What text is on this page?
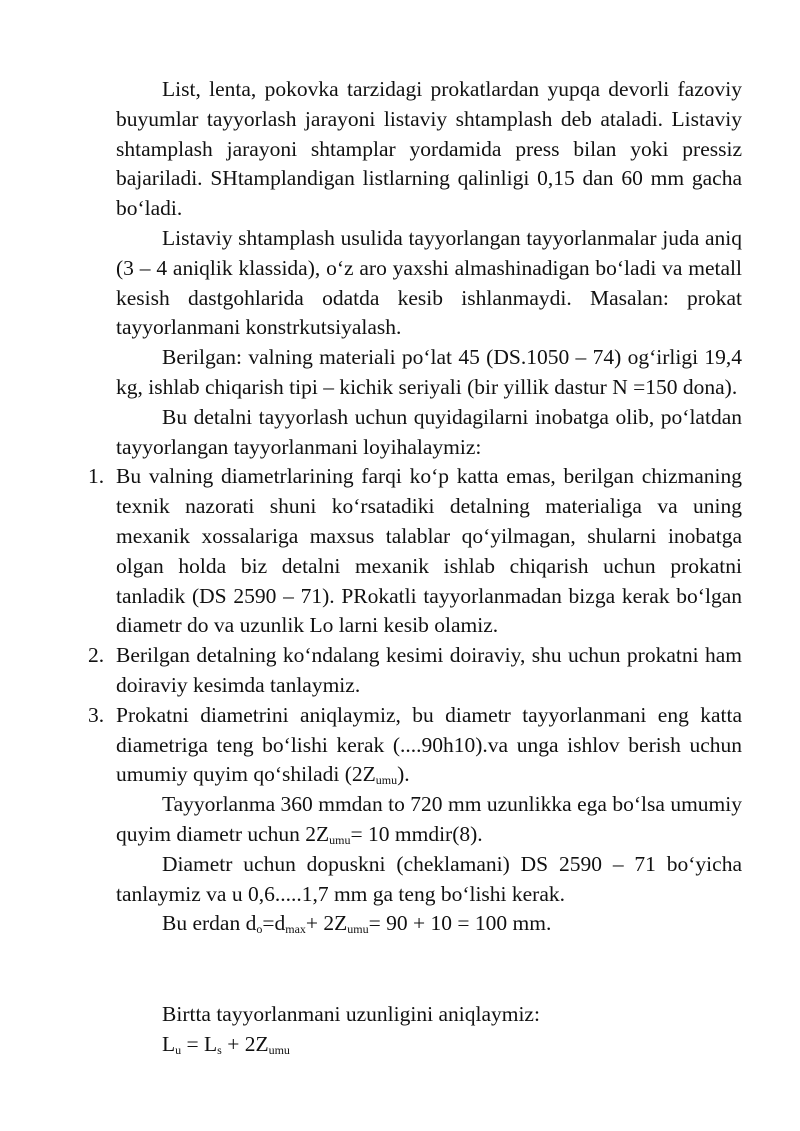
List, lenta, pokovka tarzidagi prokatlardan yupqa devorli fazoviy buyumlar tayyorlash jarayoni listaviy shtamplash deb ataladi. Listaviy shtamplash jarayoni shtamplar yordamida press bilan yoki pressiz bajariladi. SHtamplandigan listlarning qalinligi 0,15 dan 60 mm gacha bo‘ladi.

Listaviy shtamplash usulida tayyorlangan tayyorlanmalar juda aniq (3 – 4 aniqlik klassida), o‘z aro yaxshi almashinadigan bo‘ladi va metall kesish dastgohlarida odatda kesib ishlanmaydi. Masalan: prokat tayyorlanmani konstrkutsiyalash.

Berilgan: valning materiali po‘lat 45 (DS.1050 – 74) og‘irligi 19,4 kg, ishlab chiqarish tipi – kichik seriyali (bir yillik dastur N =150 dona).

Bu detalni tayyorlash uchun quyidagilarni inobatga olib, po‘latdan tayyorlangan tayyorlanmani loyihalaymiz:

1. Bu valning diametrlarining farqi ko‘p katta emas, berilgan chizmaning texnik nazorati shuni ko‘rsatadiki detalning materialiga va uning mexanik xossalariga maxsus talablar qo‘yilmagan, shularni inobatga olgan holda biz detalni mexanik ishlab chiqarish uchun prokatni tanladik (DS 2590 – 71). PRokatli tayyorlanmadan bizga kerak bo‘lgan diametr do va uzunlik Lo larni kesib olamiz.
2. Berilgan detalning ko‘ndalang kesimi doiraviy, shu uchun prokatni ham doiraviy kesimda tanlaymiz.
3. Prokatni diametrini aniqlaymiz, bu diametr tayyorlanmani eng katta diametriga teng bo‘lishi kerak (....90h10).va unga ishlov berish uchun umumiy quyim qo‘shiladi $(2Z_{umu})$.

Tayyorlanma 360 mmdan to 720 mm uzunlikka ega bo‘lsa umumiy quyim diametr uchun $2Z_{umu}= 10$ mmdir(8).

Diametr uchun dopuskni (cheklamani) DS 2590 – 71 bo‘yicha tanlaymiz va u 0,6.....1,7 mm ga teng bo‘lishi kerak.

Bu erdan $d_o=d_{max}+ 2Z_{umu}= 90 + 10 = 100$ mm.

Birtta tayyorlanmani uzunligini aniqlaymiz:

$L_u = L_s + 2Z_{umu}$
